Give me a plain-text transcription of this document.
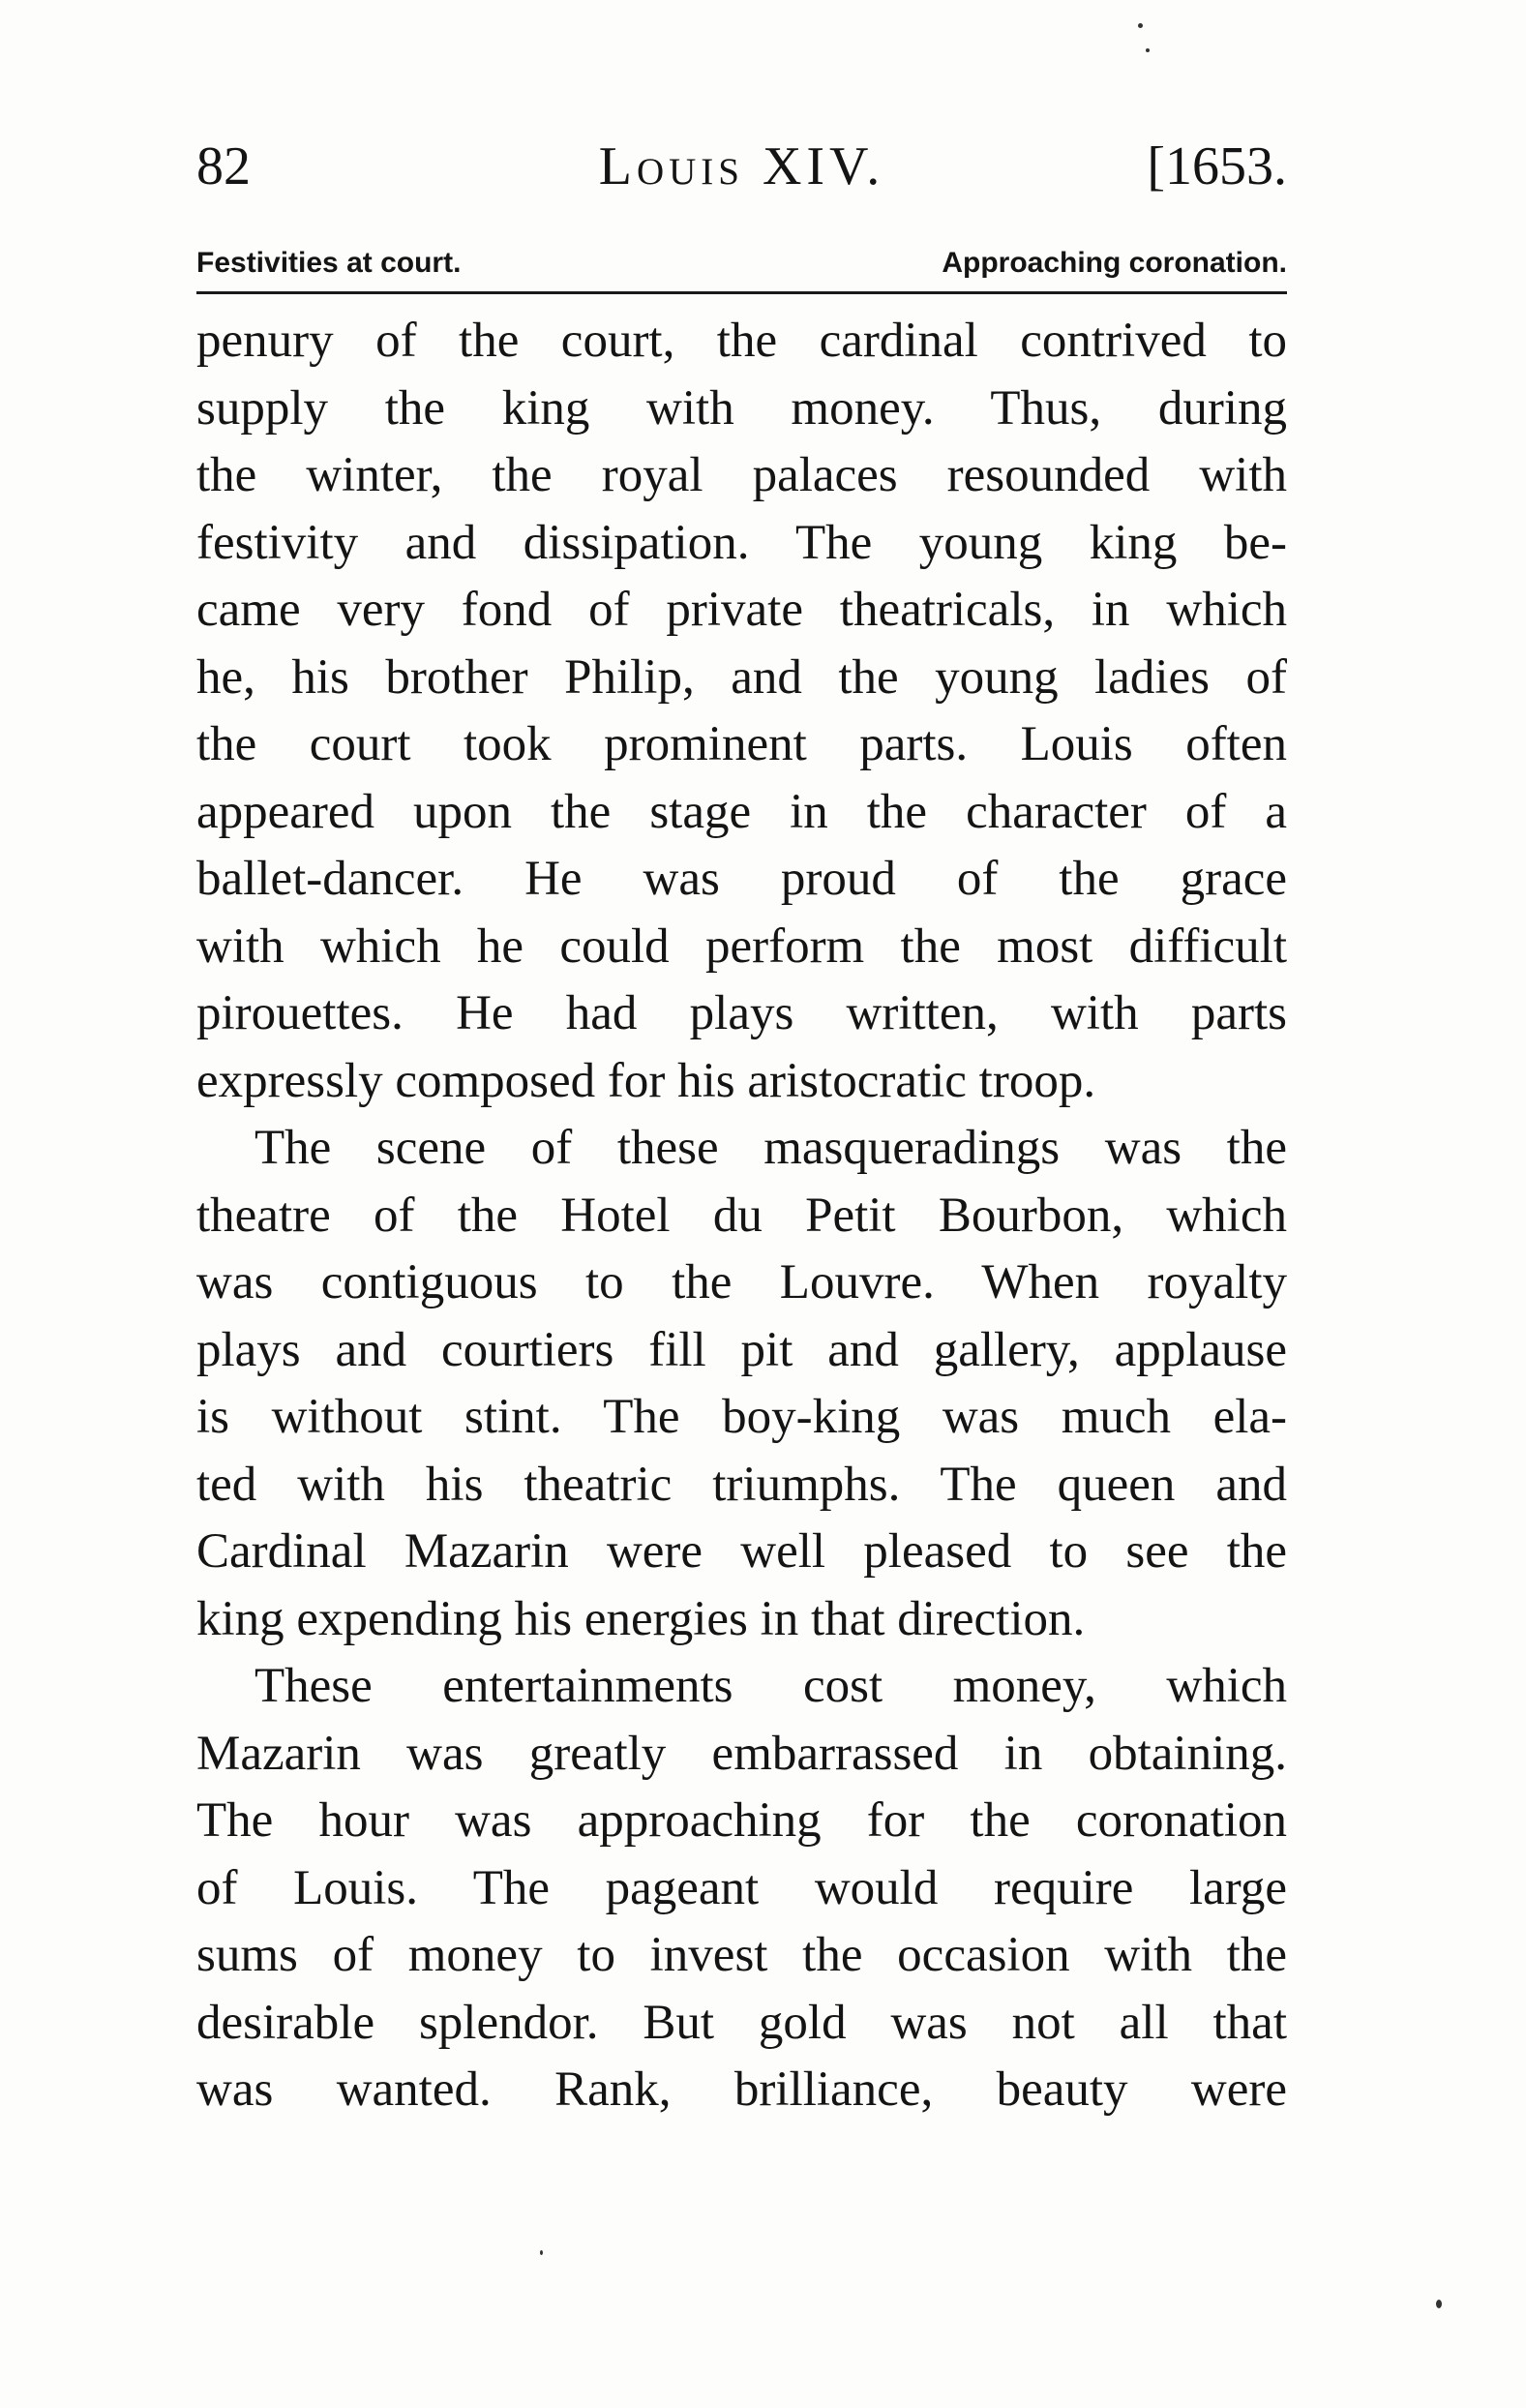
82	Louis XIV.	[1653.
Festivities at court.	Approaching coronation.
penury of the court, the cardinal contrived to
supply the king with money. Thus, during
the winter, the royal palaces resounded with
festivity and dissipation. The young king be-
came very fond of private theatricals, in which
he, his brother Philip, and the young ladies of
the court took prominent parts. Louis often
appeared upon the stage in the character of a
ballet-dancer. He was proud of the grace
with which he could perform the most difficult
pirouettes. He had plays written, with parts
expressly composed for his aristocratic troop.
The scene of these masqueradings was the
theatre of the Hotel du Petit Bourbon, which
was contiguous to the Louvre. When royalty
plays and courtiers fill pit and gallery, applause
is without stint. The boy-king was much ela-
ted with his theatric triumphs. The queen and
Cardinal Mazarin were well pleased to see the
king expending his energies in that direction.
These entertainments cost money, which
Mazarin was greatly embarrassed in obtaining.
The hour was approaching for the coronation
of Louis. The pageant would require large
sums of money to invest the occasion with the
desirable splendor. But gold was not all that
was wanted. Rank, brilliance, beauty were
